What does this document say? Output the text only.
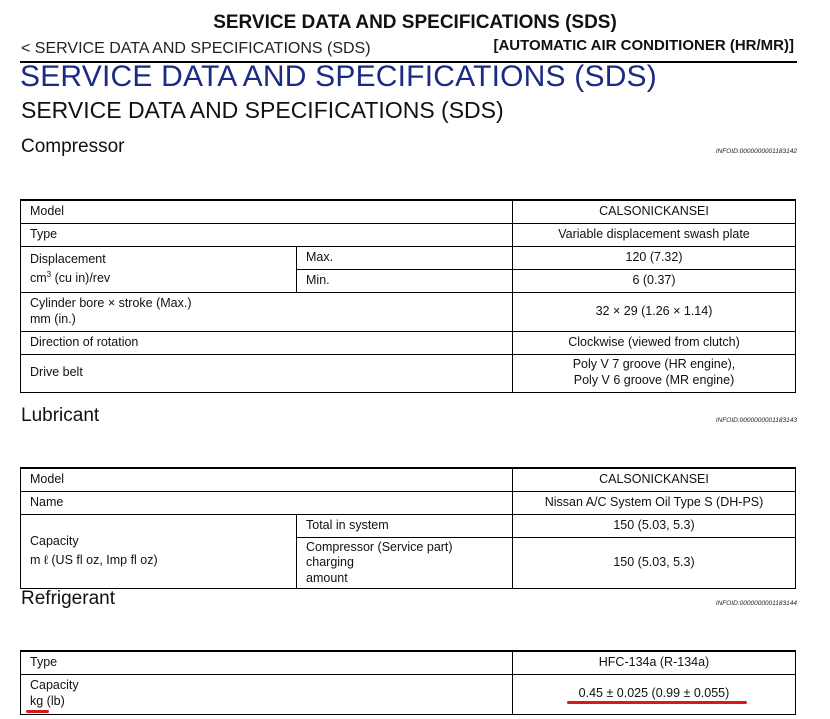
SERVICE DATA AND SPECIFICATIONS (SDS)
< SERVICE DATA AND SPECIFICATIONS (SDS)	[AUTOMATIC AIR CONDITIONER (HR/MR)]
SERVICE DATA AND SPECIFICATIONS (SDS)
SERVICE DATA AND SPECIFICATIONS (SDS)
Compressor	INFOID:0000000001183142
Model		CALSONICKANSEI
Type		Variable displacement swash plate

Displacement
$cm^3$ (cu in)/rev	Max.	120 (7.32)
	Min.	6 (0.37)

Cylinder bore × stroke (Max.)
mm (in.)		32 × 29 (1.26 × 1.14)
Direction of rotation		Clockwise (viewed from clutch)
Drive belt		Poly V 7 groove (HR engine),
Poly V 6 groove (MR engine)
Lubricant	INFOID:0000000001183143
Model		CALSONICKANSEI
Name		Nissan A/C System Oil Type S (DH-PS)

Capacity
m ℓ (US fl oz, Imp fl oz)	Total in system	150 (5.03, 5.3)

	Compressor (Service part) charging
amount	150 (5.03, 5.3)
Refrigerant	INFOID:0000000001183144
Type	HFC-134a (R-134a)

Capacity
kg (lb)	0.45 ± 0.025 (0.99 ± 0.055)
